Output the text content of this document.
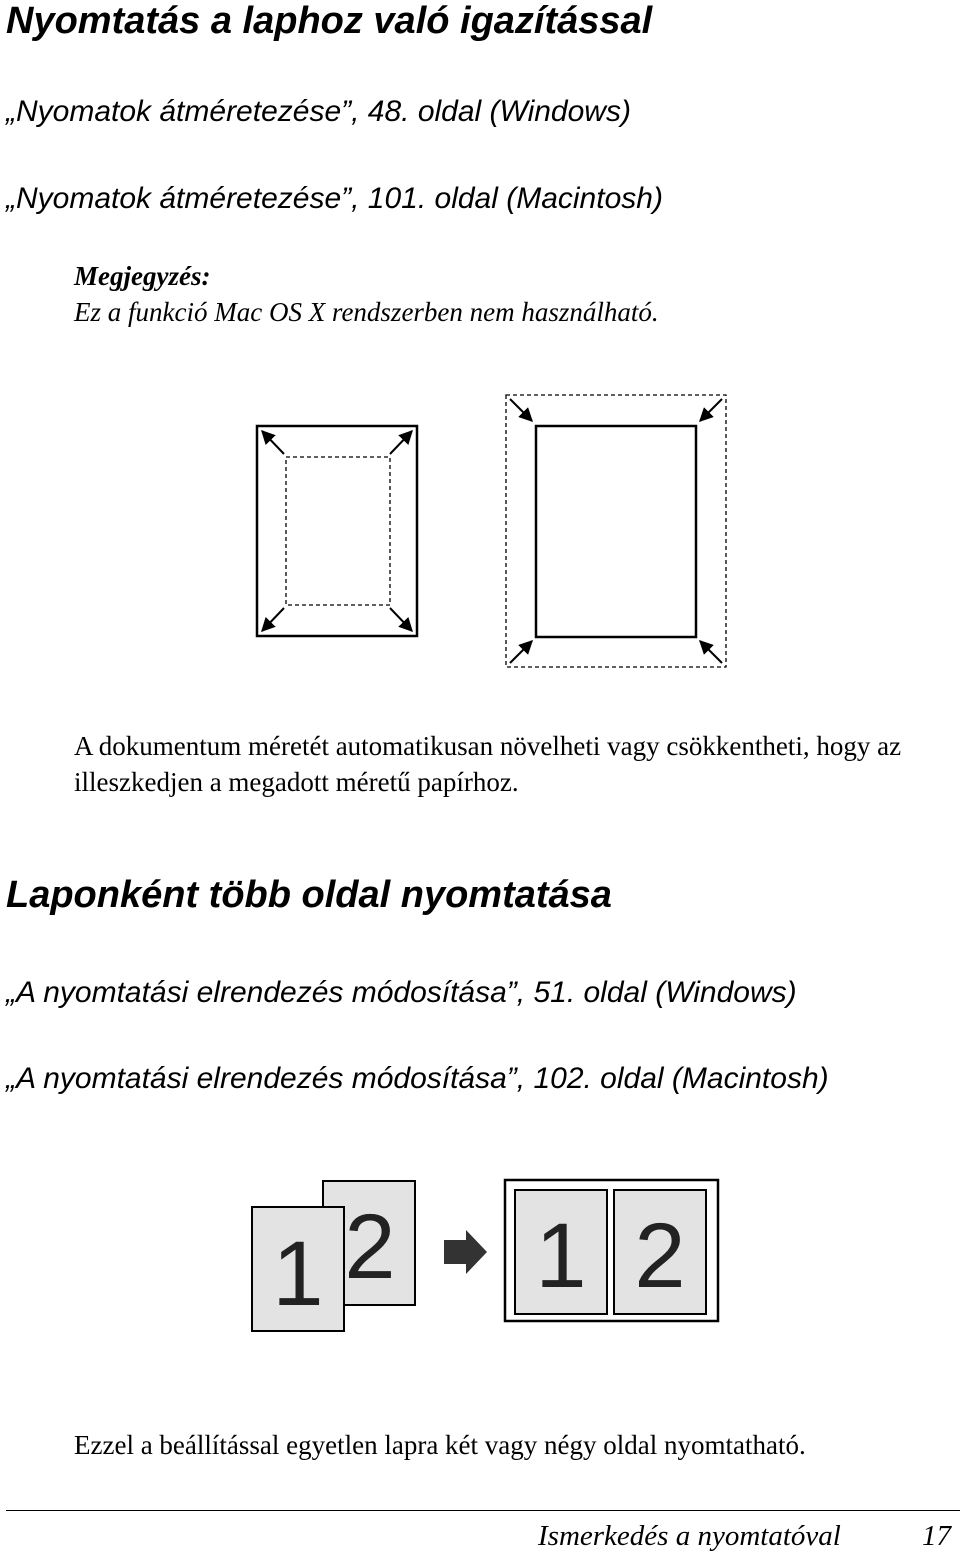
Nyomtatás a laphoz való igazítással
„Nyomatok átméretezése”, 48. oldal (Windows)
„Nyomatok átméretezése”, 101. oldal (Macintosh)
Megjegyzés:
Ez a funkció Mac OS X rendszerben nem használható.
A dokumentum méretét automatikusan növelheti vagy csökkentheti, hogy az illeszkedjen a megadott méretű papírhoz.
Laponként több oldal nyomtatása
„A nyomtatási elrendezés módosítása”, 51. oldal (Windows)
„A nyomtatási elrendezés módosítása”, 102. oldal (Macintosh)
2
1 1 2
Ezzel a beállítással egyetlen lapra két vagy négy oldal nyomtatható.
Ismerkedés a nyomtatóval	17
